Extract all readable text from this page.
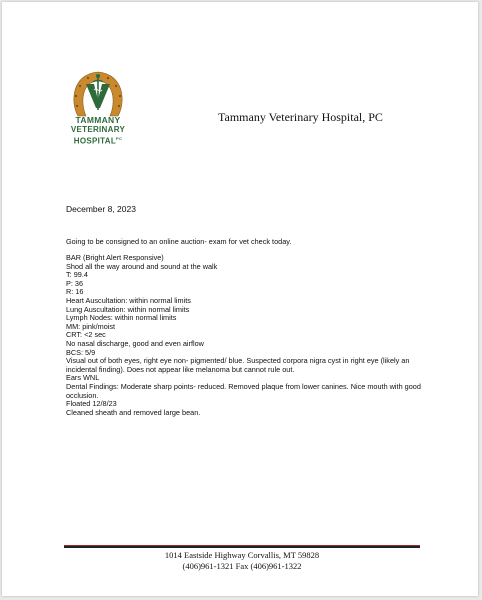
TAMMANY
VETERINARY
$HOSPITAL^{PC}$
Tammany Veterinary Hospital, PC
December 8, 2023
Going to be consigned to an online auction- exam for vet check today.
BAR (Bright Alert Responsive)
Shod all the way around and sound at the walk
T: 99.4
P: 36
R: 16
Heart Auscultation: within normal limits
Lung Auscultation: within normal limits
Lymph Nodes: within normal limits
MM: pink/moist
CRT: <2 sec
No nasal discharge, good and even airflow
BCS: 5/9
Visual out of both eyes, right eye non- pigmented/ blue. Suspected corpora nigra cyst in right eye (likely an incidental finding). Does not appear like melanoma but cannot rule out.
Ears WNL
Dental Findings: Moderate sharp points- reduced. Removed plaque from lower canines. Nice mouth with good occlusion.
Floated 12/8/23
Cleaned sheath and removed large bean.
1014 Eastside Highway Corvallis, MT 59828
(406)961-1321 Fax (406)961-1322
